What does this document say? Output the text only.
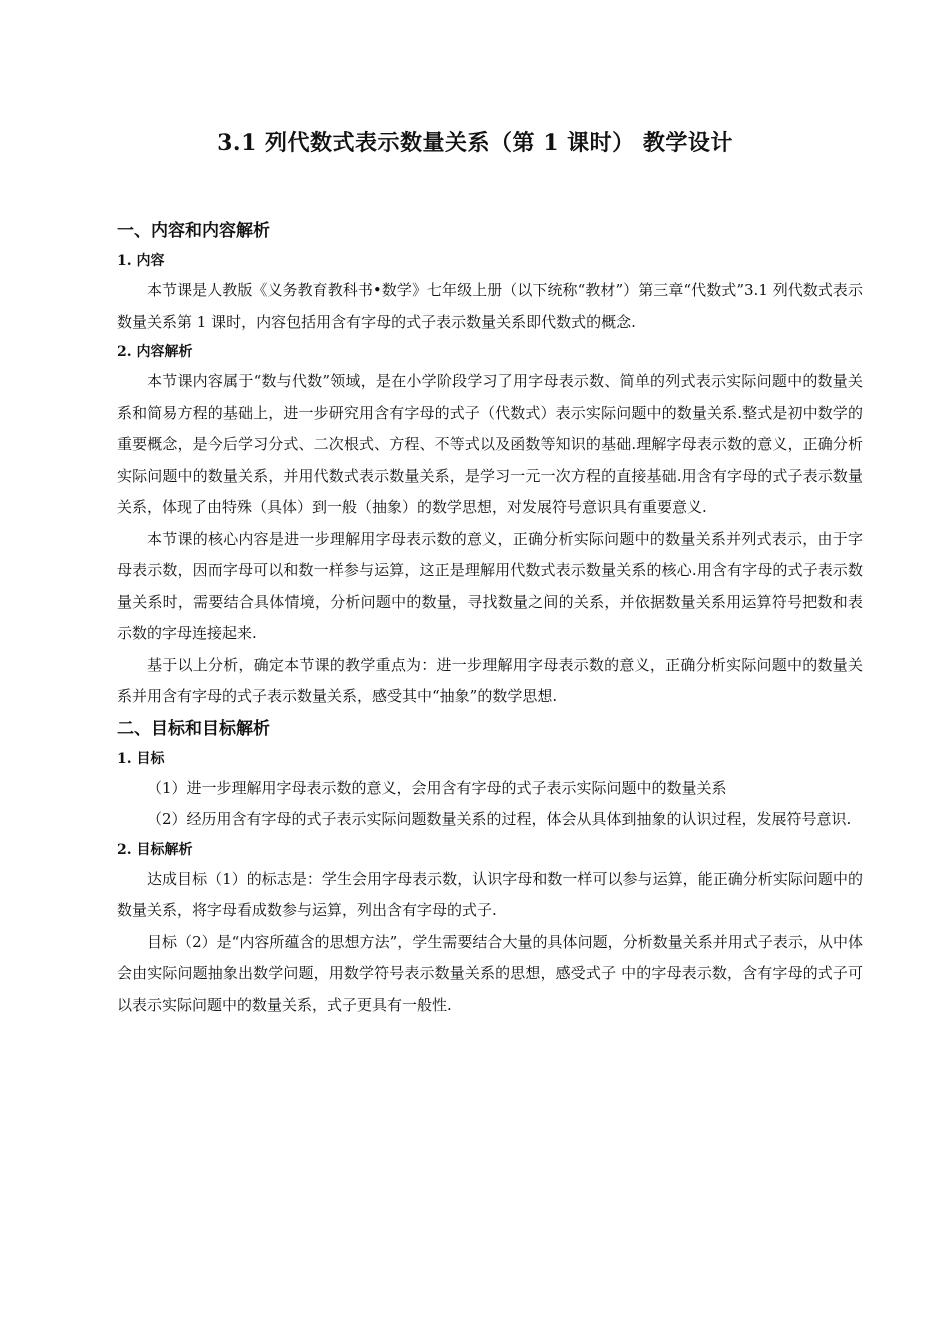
3.1 列代数式表示数量关系（第 1 课时） 教学设计
一、内容和内容解析
1. 内容

本节课是人教版《义务教育教科书•数学》七年级上册（以下统称“教材”）第三章“代数式”3.1 列代数式表示数量关系第 1 课时，内容包括用含有字母的式子表示数量关系即代数式的概念.

2. 内容解析

本节课内容属于“数与代数”领域，是在小学阶段学习了用字母表示数、简单的列式表示实际问题中的数量关系和简易方程的基础上，进一步研究用含有字母的式子（代数式）表示实际问题中的数量关系.整式是初中数学的重要概念，是今后学习分式、二次根式、方程、不等式以及函数等知识的基础.理解字母表示数的意义，正确分析实际问题中的数量关系，并用代数式表示数量关系，是学习一元一次方程的直接基础.用含有字母的式子表示数量关系，体现了由特殊（具体）到一般（抽象）的数学思想，对发展符号意识具有重要意义.

本节课的核心内容是进一步理解用字母表示数的意义，正确分析实际问题中的数量关系并列式表示，由于字母表示数，因而字母可以和数一样参与运算，这正是理解用代数式表示数量关系的核心.用含有字母的式子表示数量关系时，需要结合具体情境，分析问题中的数量，寻找数量之间的关系，并依据数量关系用运算符号把数和表示数的字母连接起来.

基于以上分析，确定本节课的教学重点为：进一步理解用字母表示数的意义，正确分析实际问题中的数量关系并用含有字母的式子表示数量关系，感受其中“抽象”的数学思想.

二、目标和目标解析
1. 目标

（1）进一步理解用字母表示数的意义，会用含有字母的式子表示实际问题中的数量关系

（2）经历用含有字母的式子表示实际问题数量关系的过程，体会从具体到抽象的认识过程，发展符号意识.

2. 目标解析

达成目标（1）的标志是：学生会用字母表示数，认识字母和数一样可以参与运算，能正确分析实际问题中的数量关系，将字母看成数参与运算，列出含有字母的式子.

目标（2）是“内容所蕴含的思想方法”，学生需要结合大量的具体问题，分析数量关系并用式子表示，从中体会由实际问题抽象出数学问题，用数学符号表示数量关系的思想，感受式子 中的字母表示数，含有字母的式子可以表示实际问题中的数量关系，式子更具有一般性.
